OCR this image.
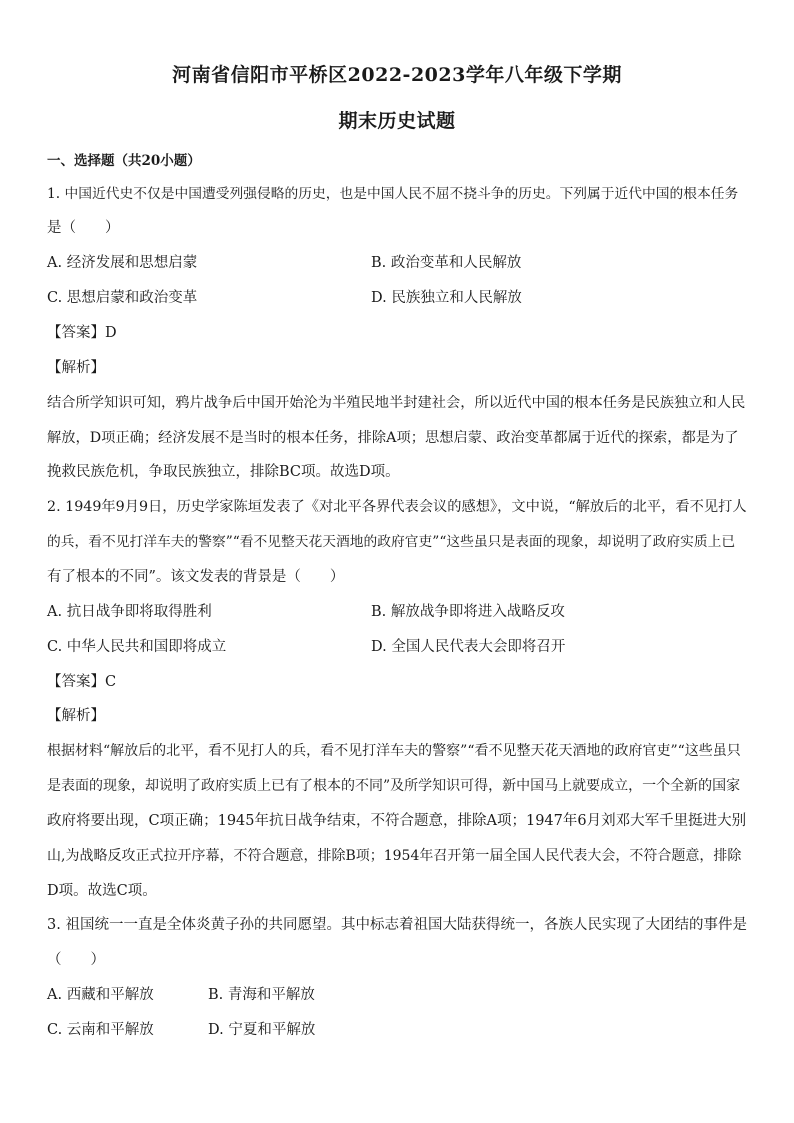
河南省信阳市平桥区2022-2023学年八年级下学期
期末历史试题
一、选择题（共20小题）
1. 中国近代史不仅是中国遭受列强侵略的历史，也是中国人民不屈不挠斗争的历史。下列属于近代中国的根本任务
是（　　）
A. 经济发展和思想启蒙	B. 政治变革和人民解放
C. 思想启蒙和政治变革	D. 民族独立和人民解放
【答案】D
【解析】
结合所学知识可知，鸦片战争后中国开始沦为半殖民地半封建社会，所以近代中国的根本任务是民族独立和人民
解放，D项正确；经济发展不是当时的根本任务，排除A项；思想启蒙、政治变革都属于近代的探索，都是为了
挽救民族危机，争取民族独立，排除BC项。故选D项。
2. 1949年9月9日，历史学家陈垣发表了《对北平各界代表会议的感想》，文中说，“解放后的北平，看不见打人
的兵，看不见打洋车夫的警察”“看不见整天花天酒地的政府官吏”“这些虽只是表面的现象，却说明了政府实质上已
有了根本的不同”。该文发表的背景是（　　）
A. 抗日战争即将取得胜利	B. 解放战争即将进入战略反攻
C. 中华人民共和国即将成立	D. 全国人民代表大会即将召开
【答案】C
【解析】
根据材料“解放后的北平，看不见打人的兵，看不见打洋车夫的警察”“看不见整天花天酒地的政府官吏”“这些虽只
是表面的现象，却说明了政府实质上已有了根本的不同”及所学知识可得，新中国马上就要成立，一个全新的国家
政府将要出现，C项正确；1945年抗日战争结束，不符合题意，排除A项；1947年6月刘邓大军千里挺进大别
山,为战略反攻正式拉开序幕，不符合题意，排除B项；1954年召开第一届全国人民代表大会，不符合题意，排除
D项。故选C项。
3. 祖国统一一直是全体炎黄子孙的共同愿望。其中标志着祖国大陆获得统一，各族人民实现了大团结的事件是
（　　）
A. 西藏和平解放	B. 青海和平解放
C. 云南和平解放	D. 宁夏和平解放
